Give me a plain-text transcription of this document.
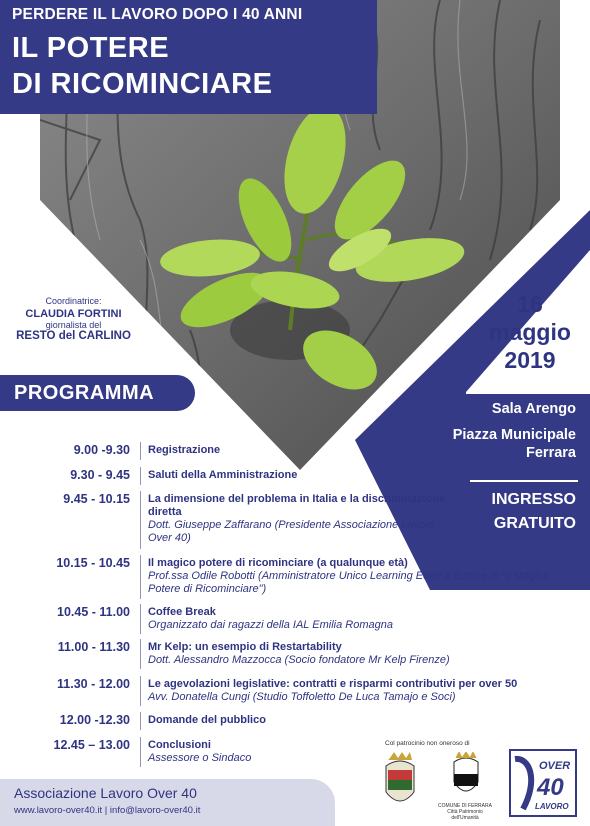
PERDERE IL LAVORO DOPO I 40 ANNI
IL POTERE
DI RICOMINCIARE
Coordinatrice:
CLAUDIA FORTINI
giornalista del
RESTO del CARLINO
PROGRAMMA
16
maggio
2019
Sala Arengo
Piazza Municipale
Ferrara
INGRESSO
GRATUITO
9.00 -9.30 Registrazione
9.30 - 9.45 Saluti della Amministrazione
9.45 - 10.15 La dimensione del problema in Italia e la discriminazione diretta
Dott. Giuseppe Zaffarano (Presidente Associazione Lavoro Over 40)
10.15 - 10.45 Il magico potere di ricominciare (a qualunque età)
Prof.ssa Odile Robotti (Amministratore Unico Learning Edge e autrice di "Il Magico Potere di Ricominciare")
10.45 - 11.00 Coffee Break
Organizzato dai ragazzi della IAL Emilia Romagna
11.00 - 11.30 Mr Kelp: un esempio di Restartability
Dott. Alessandro Mazzocca (Socio fondatore Mr Kelp Firenze)
11.30 - 12.00 Le agevolazioni legislative: contratti e risparmi contributivi per over 50
Avv. Donatella Cungi (Studio Toffoletto De Luca Tamajo e Soci)
12.00 -12.30 Domande del pubblico
12.45 – 13.00 Conclusioni
Assessore o Sindaco
Associazione Lavoro Over 40
www.lavoro-over40.it | info@lavoro-over40.it
Col patrocinio non oneroso di
COMUNE DI FERRARA
Città Patrimonio dell'Umanità
OVER
40
LAVORO
